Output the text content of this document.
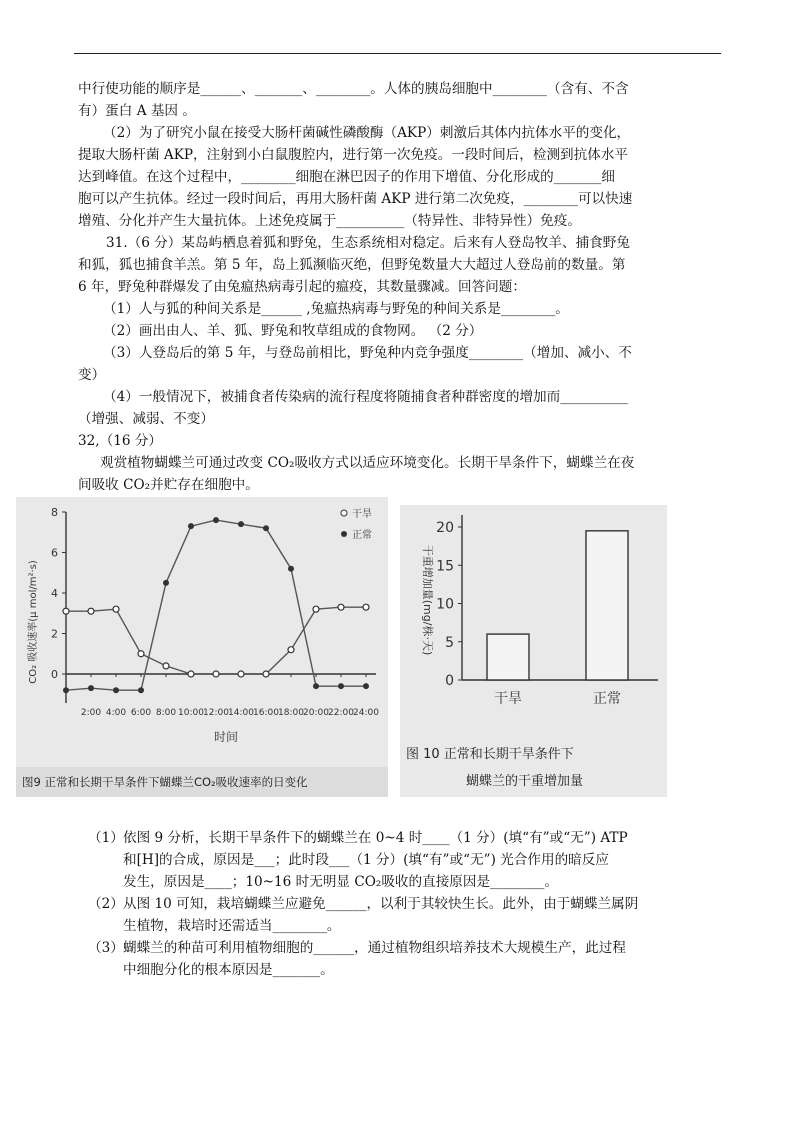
中行使功能的顺序是______、_______、________。人体的胰岛细胞中________（含有、不含
有）蛋白 A 基因 。
（2）为了研究小鼠在接受大肠杆菌碱性磷酸酶（AKP）刺激后其体内抗体水平的变化，
提取大肠杆菌 AKP，注射到小白鼠腹腔内，进行第一次免疫。一段时间后，检测到抗体水平
达到峰值。在这个过程中，________细胞在淋巴因子的作用下增值、分化形成的_______细
胞可以产生抗体。经过一段时间后，再用大肠杆菌 AKP 进行第二次免疫，________可以快速
增殖、分化并产生大量抗体。上述免疫属于__________（特异性、非特异性）免疫。
31.（6 分）某岛屿栖息着狐和野兔，生态系统相对稳定。后来有人登岛牧羊、捕食野兔
和狐，狐也捕食羊羔。第 5 年，岛上狐濒临灭绝，但野兔数量大大超过人登岛前的数量。第
6 年，野兔种群爆发了由兔瘟热病毒引起的瘟疫，其数量骤减。回答问题：
（1）人与狐的种间关系是______ ,兔瘟热病毒与野兔的种间关系是________。
（2）画出由人、羊、狐、野兔和牧草组成的食物网。 （2 分）
（3）人登岛后的第 5 年，与登岛前相比，野兔种内竞争强度________（增加、减小、不
变）
（4）一般情况下，被捕食者传染病的流行程度将随捕食者种群密度的增加而__________
（增强、减弱、不变）
32,（16 分）
观赏植物蝴蝶兰可通过改变 CO₂吸收方式以适应环境变化。长期干旱条件下，蝴蝶兰在夜
间吸收 CO₂并贮存在细胞中。
0
2
4
6
8
2:00 4:00 6:00 8:00 10:00 12:00 14:00 16:00 18:00 20:00 22:00 24:00
CO₂ 吸收速率(μ mol/m²·s)
时间
干旱
正常
图9 正常和长期干旱条件下蝴蝶兰CO₂吸收速率的日变化
0
5
10
15
20
干旱	正常
干重增加量(mg/株·天)
图 10 正常和长期干旱条件下
蝴蝶兰的干重增加量
（1） 依图 9 分析，长期干旱条件下的蝴蝶兰在 0~4 时____（1 分）(填“有”或“无”) ATP
和[H]的合成，原因是___；此时段___（1 分）(填“有”或“无”) 光合作用的暗反应
发生，原因是____；10~16 时无明显 CO₂吸收的直接原因是________。
（2） 从图 10 可知，栽培蝴蝶兰应避免______，以利于其较快生长。此外，由于蝴蝶兰属阴
生植物，栽培时还需适当________。
（3） 蝴蝶兰的种苗可利用植物细胞的______，通过植物组织培养技术大规模生产，此过程
中细胞分化的根本原因是_______。
